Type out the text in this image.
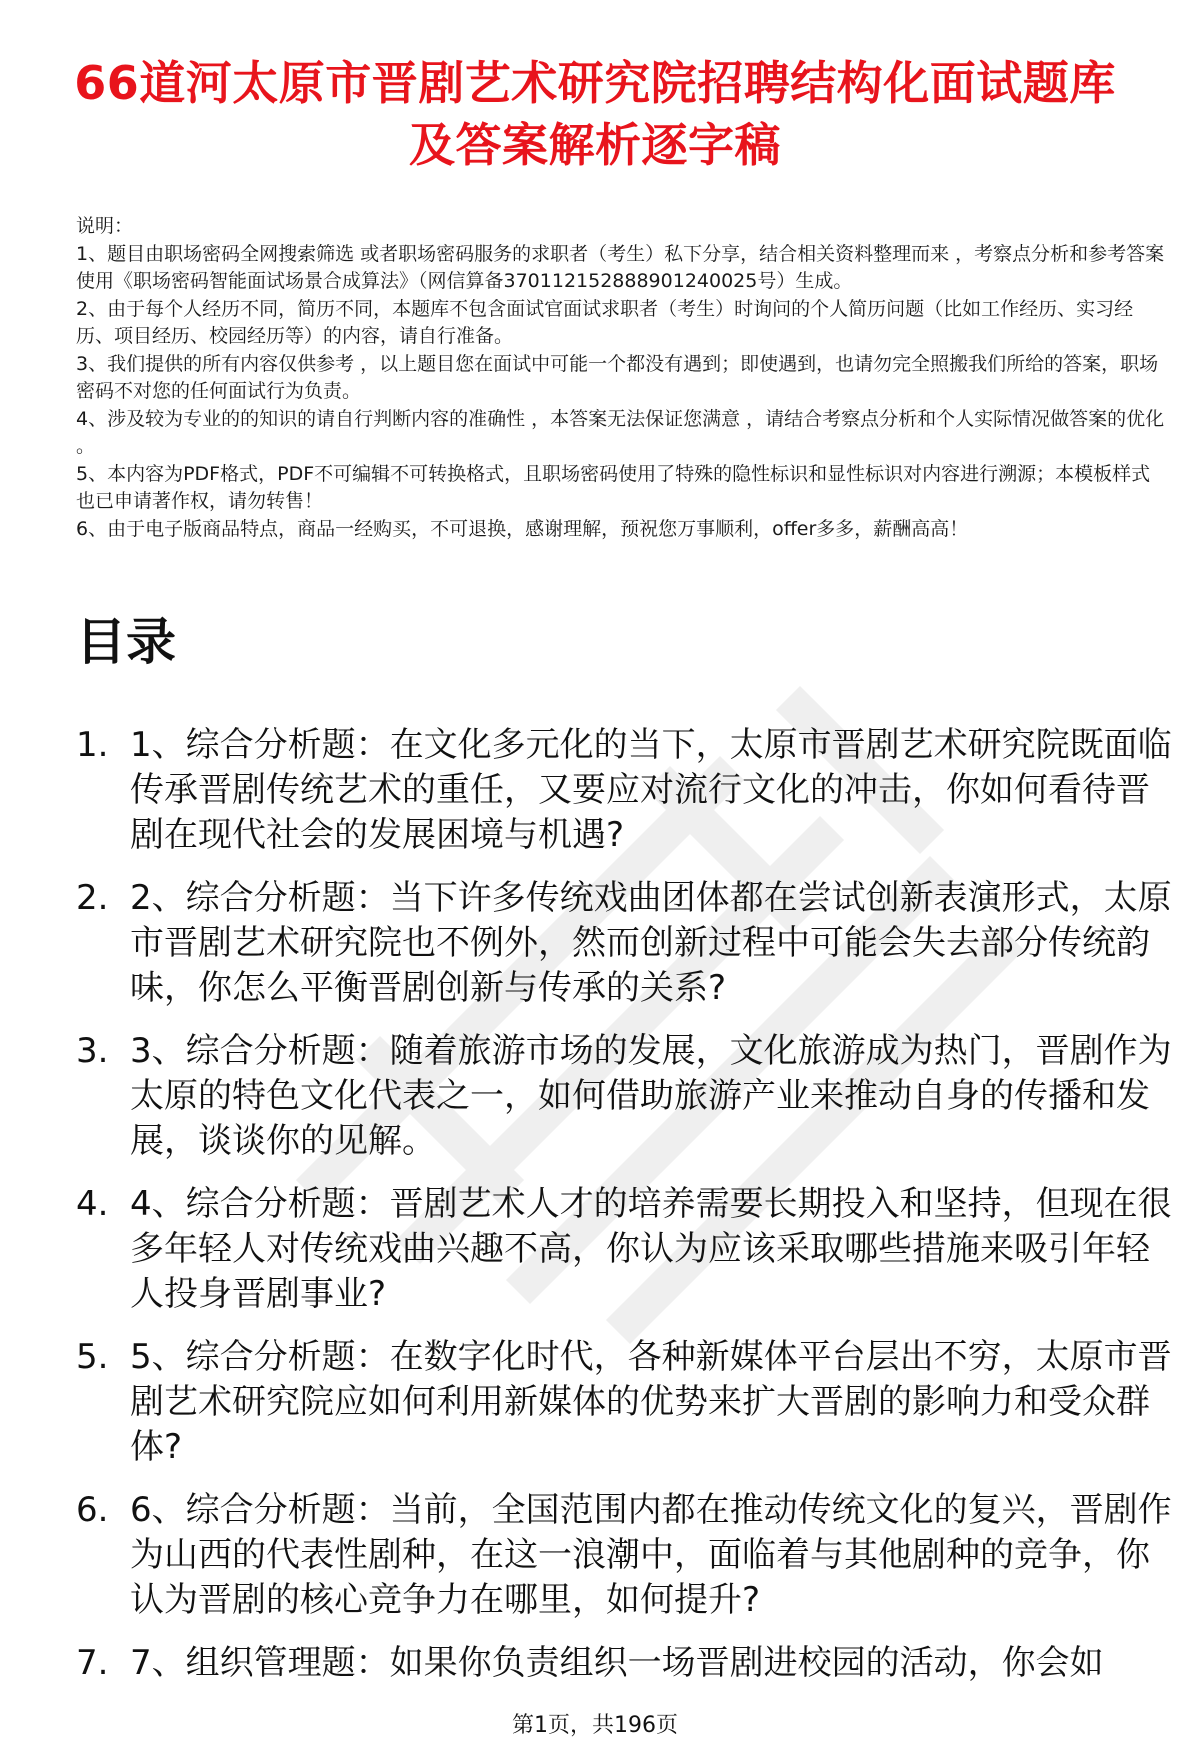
66道河太原市晋剧艺术研究院招聘结构化面试题库及答案解析逐字稿

说明：

1、题目由职场密码全网搜索筛选 或者职场密码服务的求职者（考生）私下分享，结合相关资料整理而来 ，考察点分析和参考答案使用《职场密码智能面试场景合成算法》（网信算备370112152888901240025号）生成。

2、由于每个人经历不同，简历不同，本题库不包含面试官面试求职者（考生）时询问的个人简历问题（比如工作经历、实习经历、项目经历、校园经历等）的内容，请自行准备。

3、我们提供的所有内容仅供参考 ，以上题目您在面试中可能一个都没有遇到；即使遇到，也请勿完全照搬我们所给的答案，职场密码不对您的任何面试行为负责。

4、涉及较为专业的的知识的请自行判断内容的准确性 ，本答案无法保证您满意 ，请结合考察点分析和个人实际情况做答案的优化 。

5、本内容为PDF格式，PDF不可编辑不可转换格式，且职场密码使用了特殊的隐性标识和显性标识对内容进行溯源；本模板样式也已申请著作权，请勿转售！

6、由于电子版商品特点，商品一经购买，不可退换，感谢理解，预祝您万事顺利，offer多多，薪酬高高！

目录
1. 1、综合分析题：在文化多元化的当下，太原市晋剧艺术研究院既面临传承晋剧传统艺术的重任，又要应对流行文化的冲击，你如何看待晋剧在现代社会的发展困境与机遇?
2. 2、综合分析题：当下许多传统戏曲团体都在尝试创新表演形式，太原市晋剧艺术研究院也不例外，然而创新过程中可能会失去部分传统韵味，你怎么平衡晋剧创新与传承的关系?
3. 3、综合分析题：随着旅游市场的发展，文化旅游成为热门，晋剧作为太原的特色文化代表之一，如何借助旅游产业来推动自身的传播和发展，谈谈你的见解。
4. 4、综合分析题：晋剧艺术人才的培养需要长期投入和坚持，但现在很多年轻人对传统戏曲兴趣不高，你认为应该采取哪些措施来吸引年轻人投身晋剧事业?
5. 5、综合分析题：在数字化时代，各种新媒体平台层出不穷，太原市晋剧艺术研究院应如何利用新媒体的优势来扩大晋剧的影响力和受众群体?
6. 6、综合分析题：当前，全国范围内都在推动传统文化的复兴，晋剧作为山西的代表性剧种，在这一浪潮中，面临着与其他剧种的竞争，你认为晋剧的核心竞争力在哪里，如何提升?
7. 7、组织管理题：如果你负责组织一场晋剧进校园的活动，你会如
第1页，共196页
